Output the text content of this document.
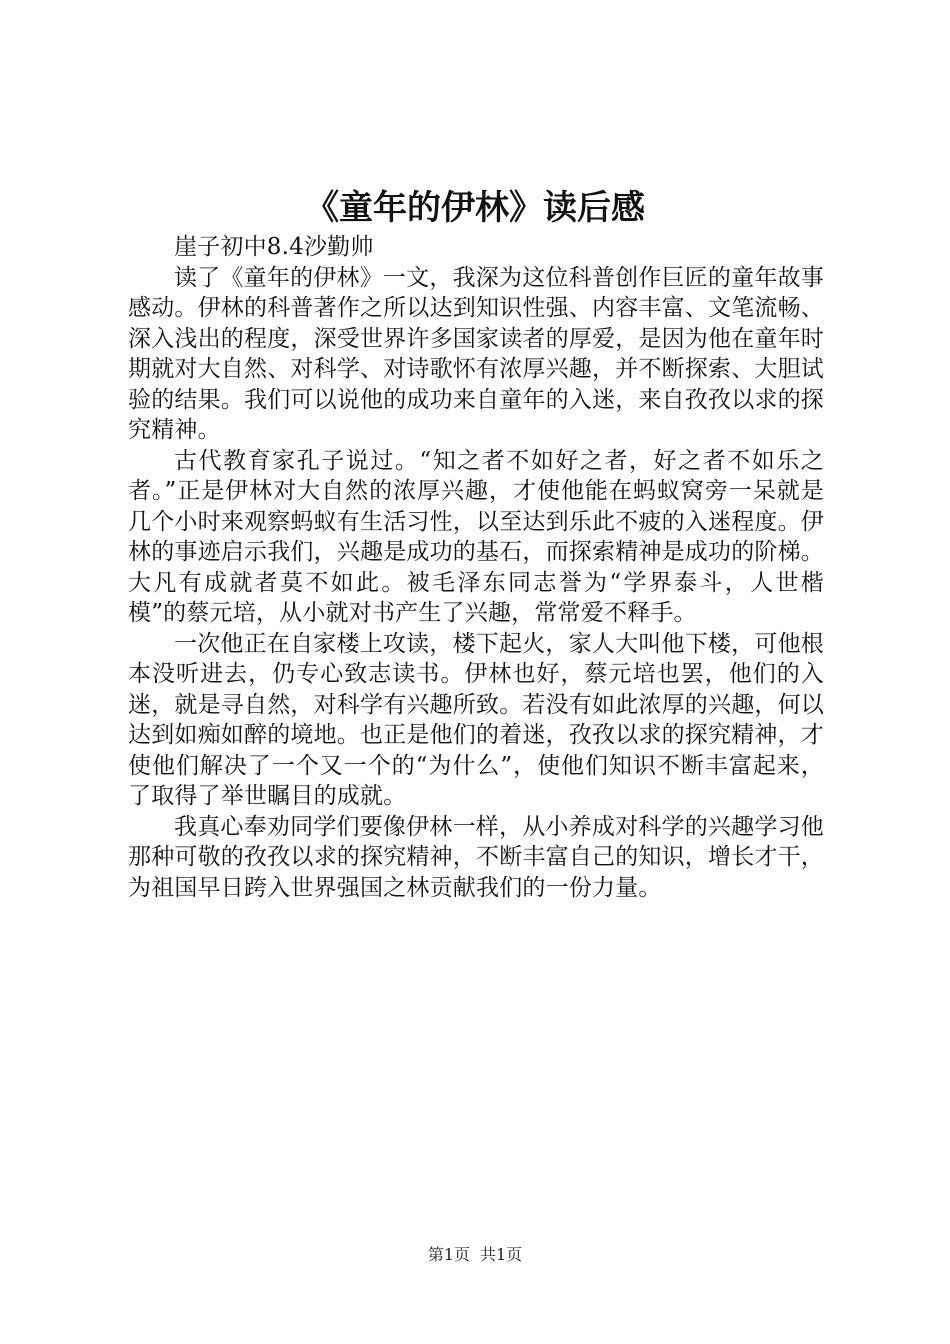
《童年的伊林》读后感

崖子初中8.4沙勤帅

读了《童年的伊林》一文，我深为这位科普创作巨匠的童年故事感动。伊林的科普著作之所以达到知识性强、内容丰富、文笔流畅、深入浅出的程度，深受世界许多国家读者的厚爱，是因为他在童年时期就对大自然、对科学、对诗歌怀有浓厚兴趣，并不断探索、大胆试验的结果。我们可以说他的成功来自童年的入迷，来自孜孜以求的探究精神。

古代教育家孔子说过。“知之者不如好之者，好之者不如乐之者。”正是伊林对大自然的浓厚兴趣，才使他能在蚂蚁窝旁一呆就是几个小时来观察蚂蚁有生活习性，以至达到乐此不疲的入迷程度。伊林的事迹启示我们，兴趣是成功的基石，而探索精神是成功的阶梯。大凡有成就者莫不如此。被毛泽东同志誉为“学界泰斗，人世楷模”的蔡元培，从小就对书产生了兴趣，常常爱不释手。

一次他正在自家楼上攻读，楼下起火，家人大叫他下楼，可他根本没听进去，仍专心致志读书。伊林也好，蔡元培也罢，他们的入迷，就是寻自然，对科学有兴趣所致。若没有如此浓厚的兴趣，何以达到如痴如醉的境地。也正是他们的着迷，孜孜以求的探究精神，才使他们解决了一个又一个的“为什么”，使他们知识不断丰富起来，了取得了举世瞩目的成就。

我真心奉劝同学们要像伊林一样，从小养成对科学的兴趣学习他那种可敬的孜孜以求的探究精神，不断丰富自己的知识，增长才干，为祖国早日跨入世界强国之林贡献我们的一份力量。

第1页 共1页
